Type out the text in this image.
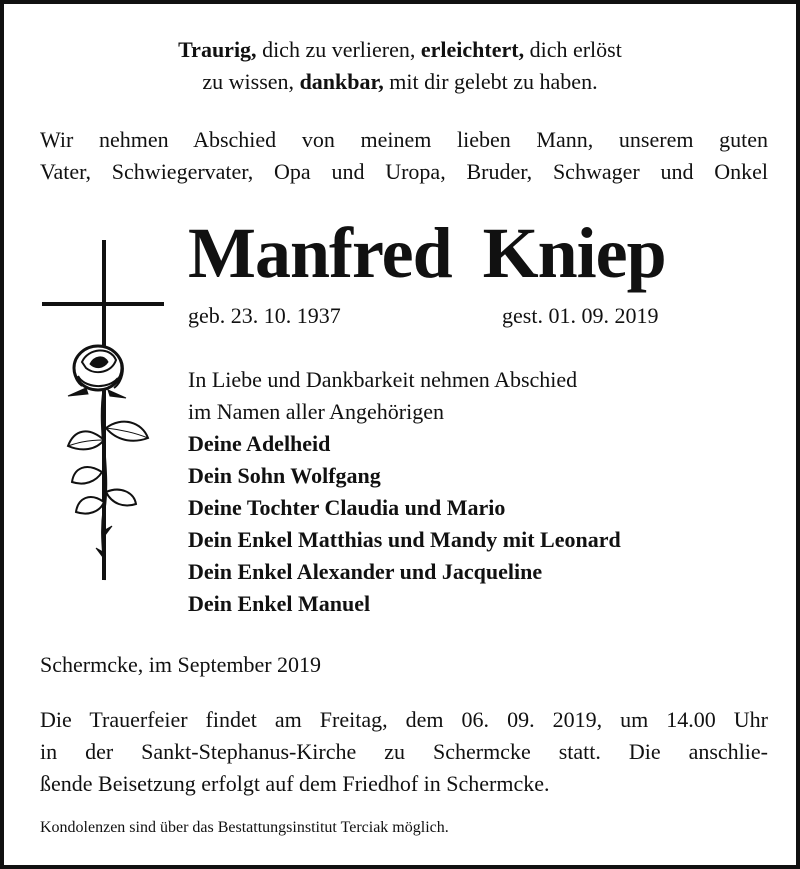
Traurig, dich zu verlieren, erleichtert, dich erlöst
zu wissen, dankbar, mit dir gelebt zu haben.
Wir nehmen Abschied von meinem lieben Mann, unserem guten
Vater, Schwiegervater, Opa und Uropa, Bruder, Schwager und Onkel
Manfred Kniep
geb. 23. 10. 1937	gest. 01. 09. 2019
In Liebe und Dankbarkeit nehmen Abschied
im Namen aller Angehörigen
Deine Adelheid
Dein Sohn Wolfgang
Deine Tochter Claudia und Mario
Dein Enkel Matthias und Mandy mit Leonard
Dein Enkel Alexander und Jacqueline
Dein Enkel Manuel
Schermcke, im September 2019
Die Trauerfeier findet am Freitag, dem 06. 09. 2019, um 14.00 Uhr
in der Sankt-Stephanus-Kirche zu Schermcke statt. Die anschlie-
ßende Beisetzung erfolgt auf dem Friedhof in Schermcke.
Kondolenzen sind über das Bestattungsinstitut Terciak möglich.
